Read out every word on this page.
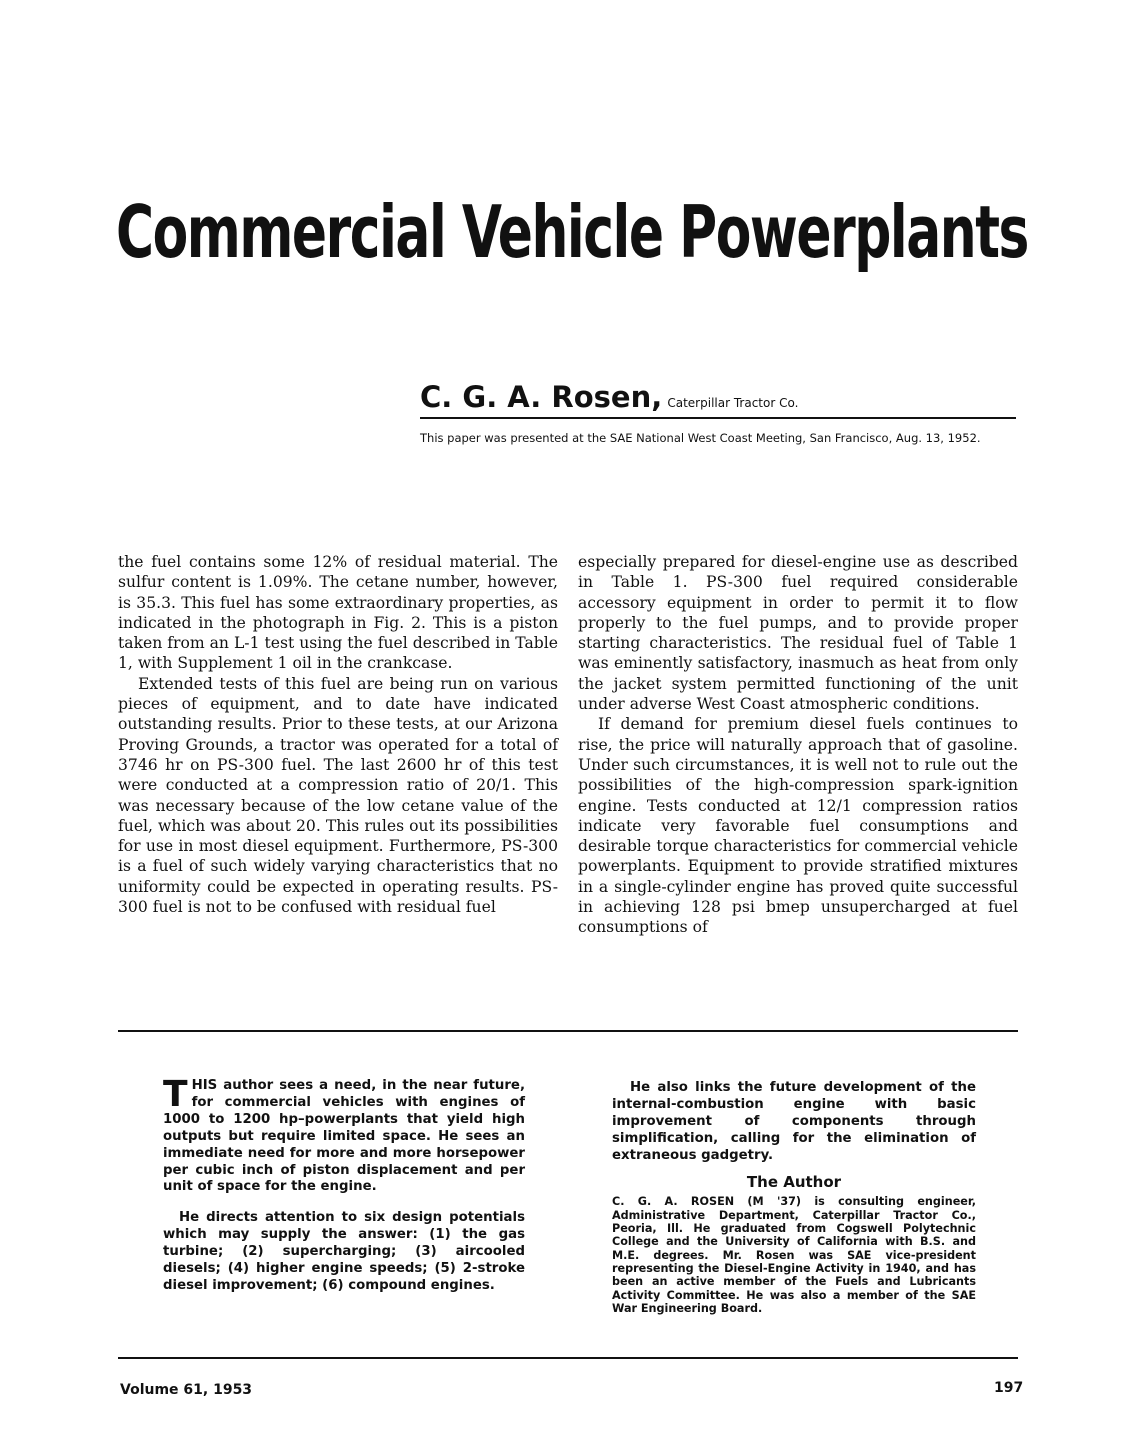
Commercial Vehicle Powerplants
C. G. A. Rosen, Caterpillar Tractor Co.
This paper was presented at the SAE National West Coast Meeting, San Francisco, Aug. 13, 1952.

the fuel contains some 12% of residual material. The sulfur content is 1.09%. The cetane number, however, is 35.3. This fuel has some extraordinary properties, as indicated in the photograph in Fig. 2. This is a piston taken from an L-1 test using the fuel described in Table 1, with Supplement 1 oil in the crankcase.

Extended tests of this fuel are being run on various pieces of equipment, and to date have indicated outstanding results. Prior to these tests, at our Arizona Proving Grounds, a tractor was operated for a total of 3746 hr on PS-300 fuel. The last 2600 hr of this test were conducted at a compression ratio of 20/1. This was necessary because of the low cetane value of the fuel, which was about 20. This rules out its possibilities for use in most diesel equipment. Furthermore, PS-300 is a fuel of such widely varying characteristics that no uniformity could be expected in operating results. PS-300 fuel is not to be confused with residual fuel

especially prepared for diesel-engine use as described in Table 1. PS-300 fuel required considerable accessory equipment in order to permit it to flow properly to the fuel pumps, and to provide proper starting characteristics. The residual fuel of Table 1 was eminently satisfactory, inasmuch as heat from only the jacket system permitted functioning of the unit under adverse West Coast atmospheric conditions.

If demand for premium diesel fuels continues to rise, the price will naturally approach that of gasoline. Under such circumstances, it is well not to rule out the possibilities of the high-compression spark-ignition engine. Tests conducted at 12/1 compression ratios indicate very favorable fuel consumptions and desirable torque characteristics for commercial vehicle powerplants. Equipment to provide stratified mixtures in a single-cylinder engine has proved quite successful in achieving 128 psi bmep unsupercharged at fuel consumptions of

THIS author sees a need, in the near future, for commercial vehicles with engines of 1000 to 1200 hp–powerplants that yield high outputs but require limited space. He sees an immediate need for more and more horsepower per cubic inch of piston displacement and per unit of space for the engine.

He directs attention to six design potentials which may supply the answer: (1) the gas turbine; (2) supercharging; (3) aircooled diesels; (4) higher engine speeds; (5) 2-stroke diesel improvement; (6) compound engines.

He also links the future development of the internal-combustion engine with basic improvement of components through simplification, calling for the elimination of extraneous gadgetry.

The Author
C. G. A. ROSEN (M '37) is consulting engineer, Administrative Department, Caterpillar Tractor Co., Peoria, Ill. He graduated from Cogswell Polytechnic College and the University of California with B.S. and M.E. degrees. Mr. Rosen was SAE vice-president representing the Diesel-Engine Activity in 1940, and has been an active member of the Fuels and Lubricants Activity Committee. He was also a member of the SAE War Engineering Board.
Volume 61, 1953	197
